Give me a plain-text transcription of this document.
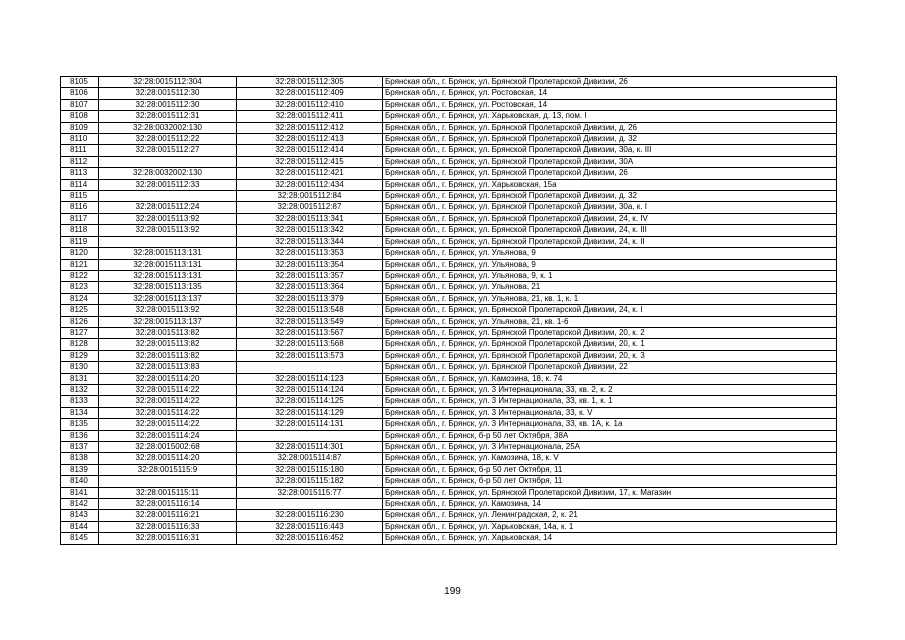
8105	32:28:0015112:304	32:28:0015112:305	Брянская обл., г. Брянск, ул. Брянской Пролетарской Дивизии, 26
8106	32:28:0015112:30	32:28:0015112:409	Брянская обл., г. Брянск, ул. Ростовская, 14
8107	32:28:0015112:30	32:28:0015112:410	Брянская обл., г. Брянск, ул. Ростовская, 14
8108	32:28:0015112:31	32:28:0015112:411	Брянская обл., г. Брянск, ул. Харьковская, д. 13, пом. I
8109	32:28:0032002:130	32:28:0015112:412	Брянская обл., г. Брянск, ул. Брянской Пролетарской Дивизии, д. 26
8110	32:28:0015112:22	32:28:0015112:413	Брянская обл., г. Брянск, ул. Брянской Пролетарской Дивизии, д. 32
8111	32:28:0015112:27	32:28:0015112:414	Брянская обл., г. Брянск, ул. Брянской Пролетарской Дивизии, 30а, к. III
8112		32:28:0015112:415	Брянская обл., г. Брянск, ул. Брянской Пролетарской Дивизии, 30А
8113	32:28:0032002:130	32:28:0015112:421	Брянская обл., г. Брянск, ул. Брянской Пролетарской Дивизии, 26
8114	32:28:0015112:33	32:28:0015112:434	Брянская обл., г. Брянск, ул. Харьковская, 15а
8115		32:28:0015112:84	Брянская обл., г. Брянск, ул. Брянской Пролетарской Дивизии, д. 32
8116	32:28:0015112:24	32:28:0015112:87	Брянская обл., г. Брянск, ул. Брянской Пролетарской Дивизии, 30а, к. I
8117	32:28:0015113:92	32:28:0015113:341	Брянская обл., г. Брянск, ул. Брянской Пролетарской Дивизии, 24, к. IV
8118	32:28:0015113:92	32:28:0015113:342	Брянская обл., г. Брянск, ул. Брянской Пролетарской Дивизии, 24, к. III
8119		32:28:0015113:344	Брянская обл., г. Брянск, ул. Брянской Пролетарской Дивизии, 24, к. II
8120	32:28:0015113:131	32:28:0015113:353	Брянская обл., г. Брянск, ул. Ульянова, 9
8121	32:28:0015113:131	32:28:0015113:354	Брянская обл., г. Брянск, ул. Ульянова, 9
8122	32:28:0015113:131	32:28:0015113:357	Брянская обл., г. Брянск, ул. Ульянова, 9, к. 1
8123	32:28:0015113:135	32:28:0015113:364	Брянская обл., г. Брянск, ул. Ульянова, 21
8124	32:28:0015113:137	32:28:0015113:379	Брянская обл., г. Брянск, ул. Ульянова, 21, кв. 1, к. 1
8125	32:28:0015113:92	32:28:0015113:548	Брянская обл., г. Брянск, ул. Брянской Пролетарской Дивизии, 24, к. I
8126	32:28:0015113:137	32:28:0015113:549	Брянская обл., г. Брянск, ул. Ульянова, 21, кв. 1-6
8127	32:28:0015113:82	32:28:0015113:567	Брянская обл., г. Брянск, ул. Брянской Пролетарской Дивизии, 20, к. 2
8128	32:28:0015113:82	32:28:0015113:568	Брянская обл., г. Брянск, ул. Брянской Пролетарской Дивизии, 20, к. 1
8129	32:28:0015113:82	32:28:0015113:573	Брянская обл., г. Брянск, ул. Брянской Пролетарской Дивизии, 20, к. 3
8130	32:28:0015113:83		Брянская обл., г. Брянск, ул. Брянской Пролетарской Дивизии, 22
8131	32:28:0015114:20	32:28:0015114:123	Брянская обл., г. Брянск, ул. Камозина, 18, к. 74
8132	32:28:0015114:22	32:28:0015114:124	Брянская обл., г. Брянск, ул. 3 Интернационала, 33, кв. 2, к. 2
8133	32:28:0015114:22	32:28:0015114:125	Брянская обл., г. Брянск, ул. 3 Интернационала, 33, кв. 1, к. 1
8134	32:28:0015114:22	32:28:0015114:129	Брянская обл., г. Брянск, ул. 3 Интернационала, 33, к. V
8135	32:28:0015114:22	32:28:0015114:131	Брянская обл., г. Брянск, ул. 3 Интернационала, 33, кв. 1А, к. 1а
8136	32:28:0015114:24		Брянская обл., г. Брянск, б-р 50 лет Октября, 38А
8137	32:28:0015002:68	32:28:0015114:301	Брянская обл., г. Брянск, ул. 3 Интернационала, 25А
8138	32:28:0015114:20	32:28:0015114:87	Брянская обл., г. Брянск, ул. Камозина, 18, к. V
8139	32:28:0015115:9	32:28:0015115:180	Брянская обл., г. Брянск, б-р 50 лет Октября, 11
8140		32:28:0015115:182	Брянская обл., г. Брянск, б-р 50 лет Октября, 11
8141	32:28:0015115:11	32:28:0015115:77	Брянская обл., г. Брянск, ул. Брянской Пролетарской Дивизии, 17, к. Магазин
8142	32:28:0015116:14		Брянская обл., г. Брянск, ул. Камозина, 14
8143	32:28:0015116:21	32:28:0015116:230	Брянская обл., г. Брянск, ул. Ленинградская, 2, к. 21
8144	32:28:0015116:33	32:28:0015116:443	Брянская обл., г. Брянск, ул. Харьковская, 14а, к. 1
8145	32:28:0015116:31	32:28:0015116:452	Брянская обл., г. Брянск, ул. Харьковская, 14
199
